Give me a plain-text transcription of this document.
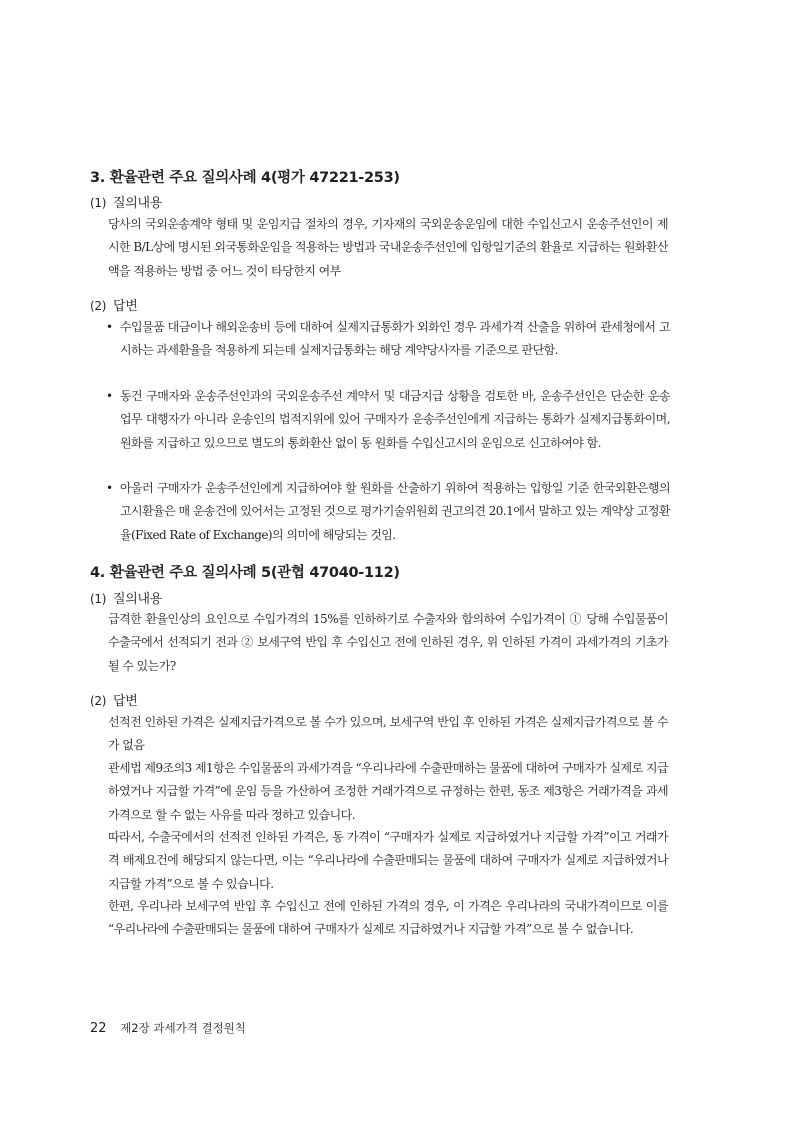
3. 환율관련 주요 질의사례 4(평가 47221-253)
(1) 질의내용
당사의 국외운송계약 형태 및 운임지급 절차의 경우, 기자재의 국외운송운임에 대한 수입신고시 운송주선인이 제시한 B/L상에 명시된 외국통화운임을 적용하는 방법과 국내운송주선인에 입항일기준의 환율로 지급하는 원화환산액을 적용하는 방법 중 어느 것이 타당한지 여부
(2) 답변
• 수입물품 대금이나 해외운송비 등에 대하여 실제지급통화가 외화인 경우 과세가격 산출을 위하여 관세청에서 고시하는 과세환율을 적용하게 되는데 실제지급통화는 해당 계약당사자를 기준으로 판단함.
• 동건 구매자와 운송주선인과의 국외운송주선 계약서 및 대금지급 상황을 검토한 바, 운송주선인은 단순한 운송업무 대행자가 아니라 운송인의 법적지위에 있어 구매자가 운송주선인에게 지급하는 통화가 실제지급통화이며, 원화를 지급하고 있으므로 별도의 통화환산 없이 동 원화를 수입신고시의 운임으로 신고하여야 함.
• 아울러 구매자가 운송주선인에게 지급하여야 할 원화를 산출하기 위하여 적용하는 입항일 기준 한국외환은행의 고시환율은 매 운송건에 있어서는 고정된 것으로 평가기술위원회 권고의견 20.1에서 말하고 있는 계약상 고정환율(Fixed Rate of Exchange)의 의미에 해당되는 것임.
4. 환율관련 주요 질의사례 5(관협 47040-112)
(1) 질의내용
급격한 환율인상의 요인으로 수입가격의 15%를 인하하기로 수출자와 합의하여 수입가격이 ① 당해 수입물품이 수출국에서 선적되기 전과 ② 보세구역 반입 후 수입신고 전에 인하된 경우, 위 인하된 가격이 과세가격의 기초가 될 수 있는가?
(2) 답변
선적전 인하된 가격은 실제지급가격으로 볼 수가 있으며, 보세구역 반입 후 인하된 가격은 실제지급가격으로 볼 수가 없음
관세법 제9조의3 제1항은 수입물품의 과세가격을 “우리나라에 수출판매하는 물품에 대하여 구매자가 실제로 지급하였거나 지급할 가격”에 운임 등을 가산하여 조정한 거래가격으로 규정하는 한편, 동조 제3항은 거래가격을 과세가격으로 할 수 없는 사유를 따라 정하고 있습니다.
따라서, 수출국에서의 선적전 인하된 가격은, 동 가격이 “구매자가 실제로 지급하였거나 지급할 가격”이고 거래가격 배제요건에 해당되지 않는다면, 이는 “우리나라에 수출판매되는 물품에 대하여 구매자가 실제로 지급하였거나 지급할 가격”으로 볼 수 있습니다.
한편, 우리나라 보세구역 반입 후 수입신고 전에 인하된 가격의 경우, 이 가격은 우리나라의 국내가격이므로 이를 “우리나라에 수출판매되는 물품에 대하여 구매자가 실제로 지급하였거나 지급할 가격”으로 볼 수 없습니다.
22 제2장 과세가격 결정원칙
